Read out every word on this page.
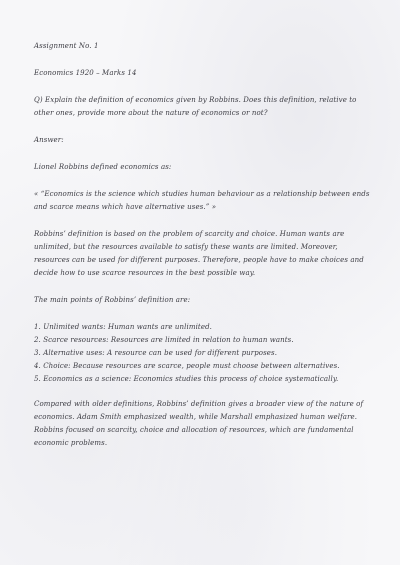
Assignment No. 1

Economics 1920 – Marks 14

Q) Explain the definition of economics given by Robbins. Does this definition, relative to other ones, provide more about the nature of economics or not?

Answer:

Lionel Robbins defined economics as:

« “Economics is the science which studies human behaviour as a relationship between ends and scarce means which have alternative uses.” »

Robbins’ definition is based on the problem of scarcity and choice. Human wants are unlimited, but the resources available to satisfy these wants are limited. Moreover, resources can be used for different purposes. Therefore, people have to make choices and decide how to use scarce resources in the best possible way.

The main points of Robbins’ definition are:

1. Unlimited wants: Human wants are unlimited.

2. Scarce resources: Resources are limited in relation to human wants.

3. Alternative uses: A resource can be used for different purposes.

4. Choice: Because resources are scarce, people must choose between alternatives.

5. Economics as a science: Economics studies this process of choice systematically.

Compared with older definitions, Robbins’ definition gives a broader view of the nature of economics. Adam Smith emphasized wealth, while Marshall emphasized human welfare. Robbins focused on scarcity, choice and allocation of resources, which are fundamental economic problems.
